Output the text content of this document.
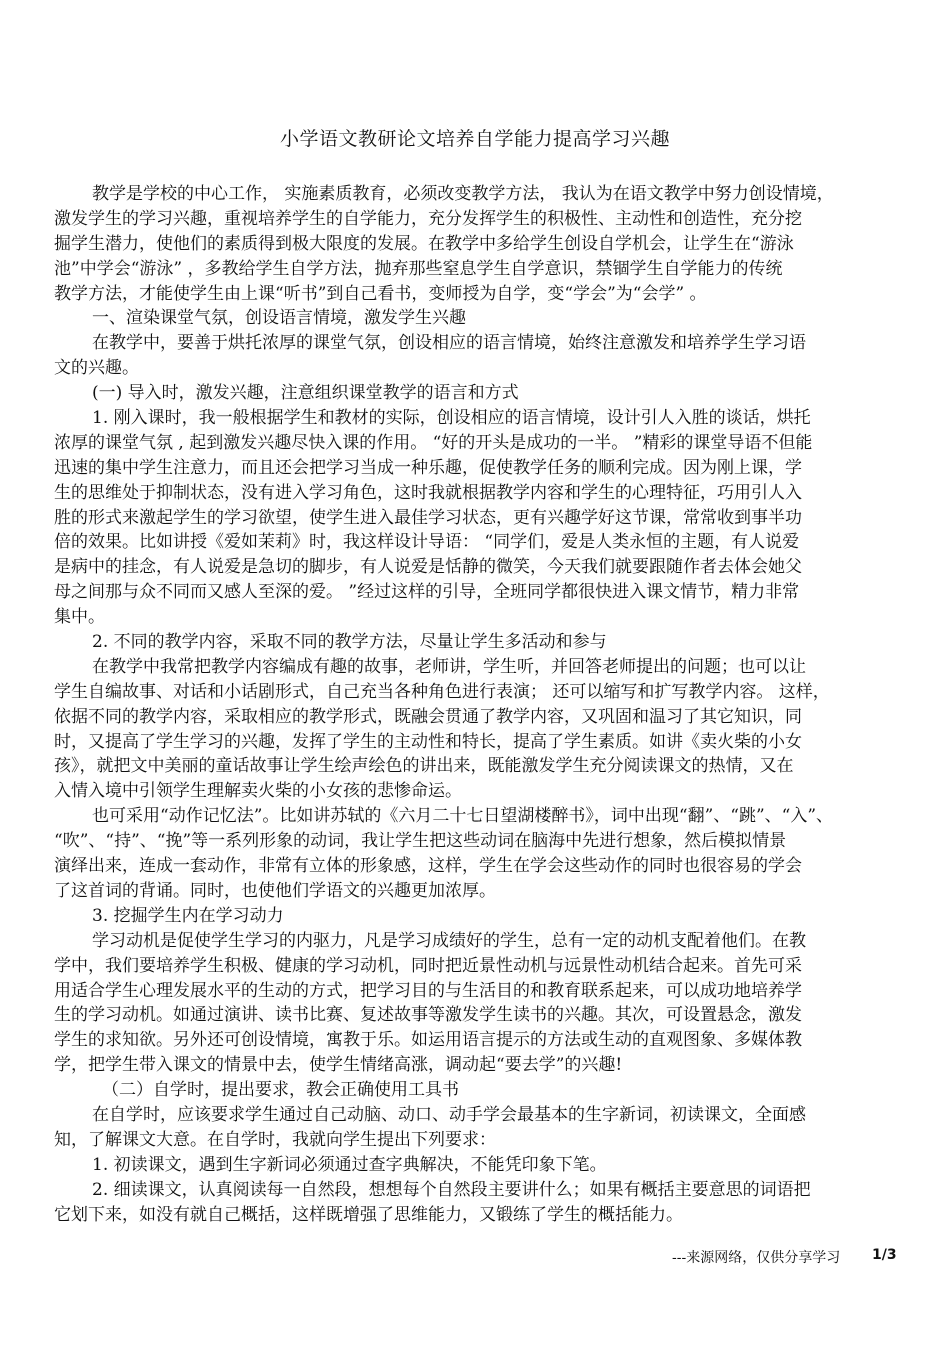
小学语文教研论文培养自学能力提高学习兴趣
教学是学校的中心工作， 实施素质教育，必须改变教学方法， 我认为在语文教学中努力创设情境，
激发学生的学习兴趣，重视培养学生的自学能力，充分发挥学生的积极性、主动性和创造性，充分挖
掘学生潜力，使他们的素质得到极大限度的发展。在教学中多给学生创设自学机会，让学生在“游泳
池”中学会“游泳” ，多教给学生自学方法，抛弃那些窒息学生自学意识，禁锢学生自学能力的传统
教学方法，才能使学生由上课“听书”到自己看书，变师授为自学，变“学会”为“会学” 。
一、渲染课堂气氛，创设语言情境，激发学生兴趣
在教学中，要善于烘托浓厚的课堂气氛，创设相应的语言情境，始终注意激发和培养学生学习语
文的兴趣。
(一) 导入时，激发兴趣，注意组织课堂教学的语言和方式
1. 刚入课时，我一般根据学生和教材的实际，创设相应的语言情境，设计引人入胜的谈话，烘托
浓厚的课堂气氛 , 起到激发兴趣尽快入课的作用。 “好的开头是成功的一半。 ”精彩的课堂导语不但能
迅速的集中学生注意力，而且还会把学习当成一种乐趣，促使教学任务的顺利完成。因为刚上课，学
生的思维处于抑制状态，没有进入学习角色，这时我就根据教学内容和学生的心理特征，巧用引人入
胜的形式来激起学生的学习欲望，使学生进入最佳学习状态，更有兴趣学好这节课，常常收到事半功
倍的效果。比如讲授《爱如茉莉》时，我这样设计导语： “同学们，爱是人类永恒的主题，有人说爱
是病中的挂念，有人说爱是急切的脚步，有人说爱是恬静的微笑，今天我们就要跟随作者去体会她父
母之间那与众不同而又感人至深的爱。 ”经过这样的引导，全班同学都很快进入课文情节，精力非常
集中。
2. 不同的教学内容，采取不同的教学方法，尽量让学生多活动和参与
在教学中我常把教学内容编成有趣的故事，老师讲，学生听，并回答老师提出的问题；也可以让
学生自编故事、对话和小话剧形式，自己充当各种角色进行表演； 还可以缩写和扩写教学内容。 这样，
依据不同的教学内容，采取相应的教学形式，既融会贯通了教学内容，又巩固和温习了其它知识，同
时，又提高了学生学习的兴趣，发挥了学生的主动性和特长，提高了学生素质。如讲《卖火柴的小女
孩》，就把文中美丽的童话故事让学生绘声绘色的讲出来，既能激发学生充分阅读课文的热情，又在
入情入境中引领学生理解卖火柴的小女孩的悲惨命运。
也可采用“动作记忆法”。比如讲苏轼的《六月二十七日望湖楼醉书》，词中出现“翻”、“跳”、“入”、
“吹”、“持”、“挽”等一系列形象的动词，我让学生把这些动词在脑海中先进行想象，然后模拟情景
演绎出来，连成一套动作，非常有立体的形象感，这样，学生在学会这些动作的同时也很容易的学会
了这首词的背诵。同时，也使他们学语文的兴趣更加浓厚。
3. 挖掘学生内在学习动力
学习动机是促使学生学习的内驱力，凡是学习成绩好的学生，总有一定的动机支配着他们。在教
学中，我们要培养学生积极、健康的学习动机，同时把近景性动机与远景性动机结合起来。首先可采
用适合学生心理发展水平的生动的方式，把学习目的与生活目的和教育联系起来，可以成功地培养学
生的学习动机。如通过演讲、读书比赛、复述故事等激发学生读书的兴趣。其次，可设置悬念，激发
学生的求知欲。另外还可创设情境，寓教于乐。如运用语言提示的方法或生动的直观图象、多媒体教
学，把学生带入课文的情景中去，使学生情绪高涨，调动起“要去学”的兴趣!
（二）自学时，提出要求，教会正确使用工具书
在自学时，应该要求学生通过自己动脑、动口、动手学会最基本的生字新词，初读课文，全面感
知，了解课文大意。在自学时，我就向学生提出下列要求：
1. 初读课文，遇到生字新词必须通过查字典解决，不能凭印象下笔。
2. 细读课文，认真阅读每一自然段，想想每个自然段主要讲什么；如果有概括主要意思的词语把
它划下来，如没有就自己概括，这样既增强了思维能力，又锻练了学生的概括能力。
---来源网络，仅供分享学习 1/3
